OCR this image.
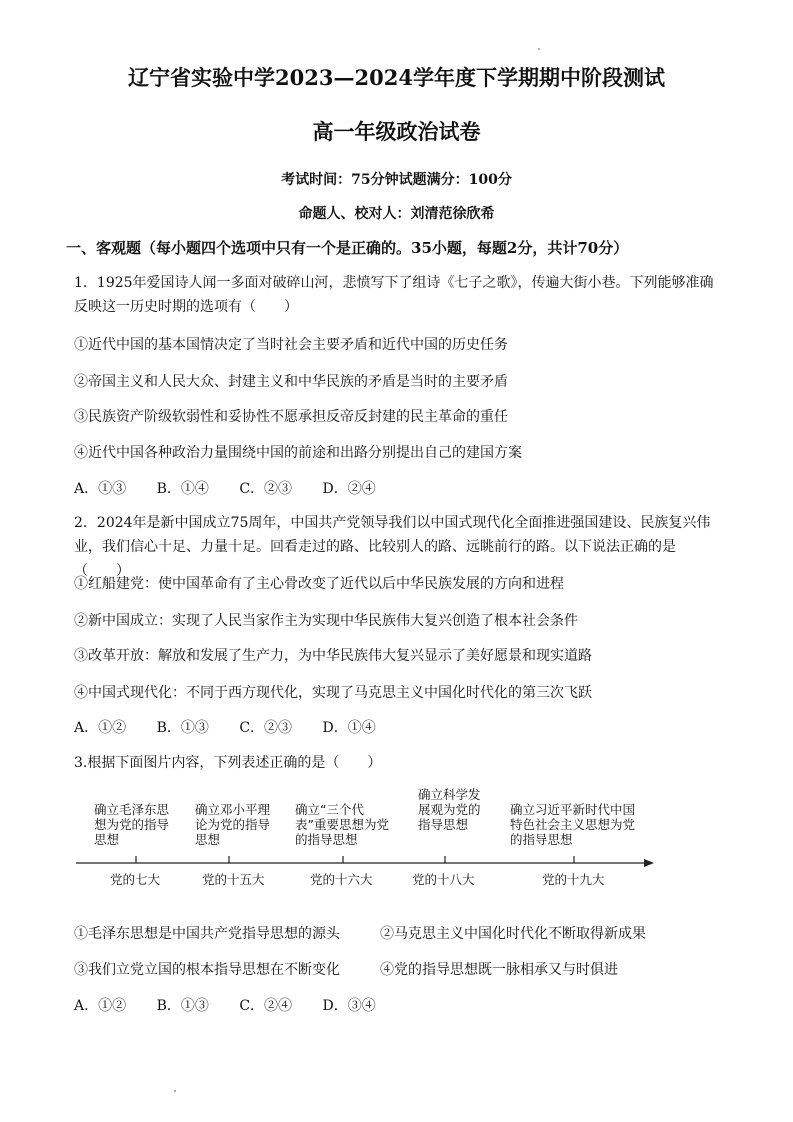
辽宁省实验中学2023—2024学年度下学期期中阶段测试
高一年级政治试卷
考试时间：75分钟试题满分：100分
命题人、校对人：刘清范徐欣希
一、客观题（每小题四个选项中只有一个是正确的。35小题，每题2分，共计70分）
1．1925年爱国诗人闻一多面对破碎山河，悲愤写下了组诗《七子之歌》，传遍大街小巷。下列能够准确反映这一历史时期的选项有（　　）
①近代中国的基本国情决定了当时社会主要矛盾和近代中国的历史任务
②帝国主义和人民大众、封建主义和中华民族的矛盾是当时的主要矛盾
③民族资产阶级软弱性和妥协性不愿承担反帝反封建的民主革命的重任
④近代中国各种政治力量围绕中国的前途和出路分别提出自己的建国方案
A．①③ B．①④ C．②③ D．②④
2．2024年是新中国成立75周年，中国共产党领导我们以中国式现代化全面推进强国建设、民族复兴伟业，我们信心十足、力量十足。回看走过的路、比较别人的路、远眺前行的路。以下说法正确的是（　　）
①红船建党：使中国革命有了主心骨改变了近代以后中华民族发展的方向和进程
②新中国成立：实现了人民当家作主为实现中华民族伟大复兴创造了根本社会条件
③改革开放：解放和发展了生产力，为中华民族伟大复兴显示了美好愿景和现实道路
④中国式现代化：不同于西方现代化，实现了马克思主义中国化时代化的第三次飞跃
A．①② B．①③ C．②③ D．①④
3.根据下面图片内容，下列表述正确的是（　　）
确立毛泽东思想为党的指导思想
确立邓小平理论为党的指导思想
确立“三个代表”重要思想为党的指导思想
确立科学发展观为党的指导思想
确立习近平新时代中国特色社会主义思想为党的指导思想
党的七大	党的十五大	党的十六大	党的十八大	党的十九大
①毛泽东思想是中国共产党指导思想的源头	②马克思主义中国化时代化不断取得新成果
③我们立党立国的根本指导思想在不断变化	④党的指导思想既一脉相承又与时俱进
A．①② B．①③ C．②④ D．③④
